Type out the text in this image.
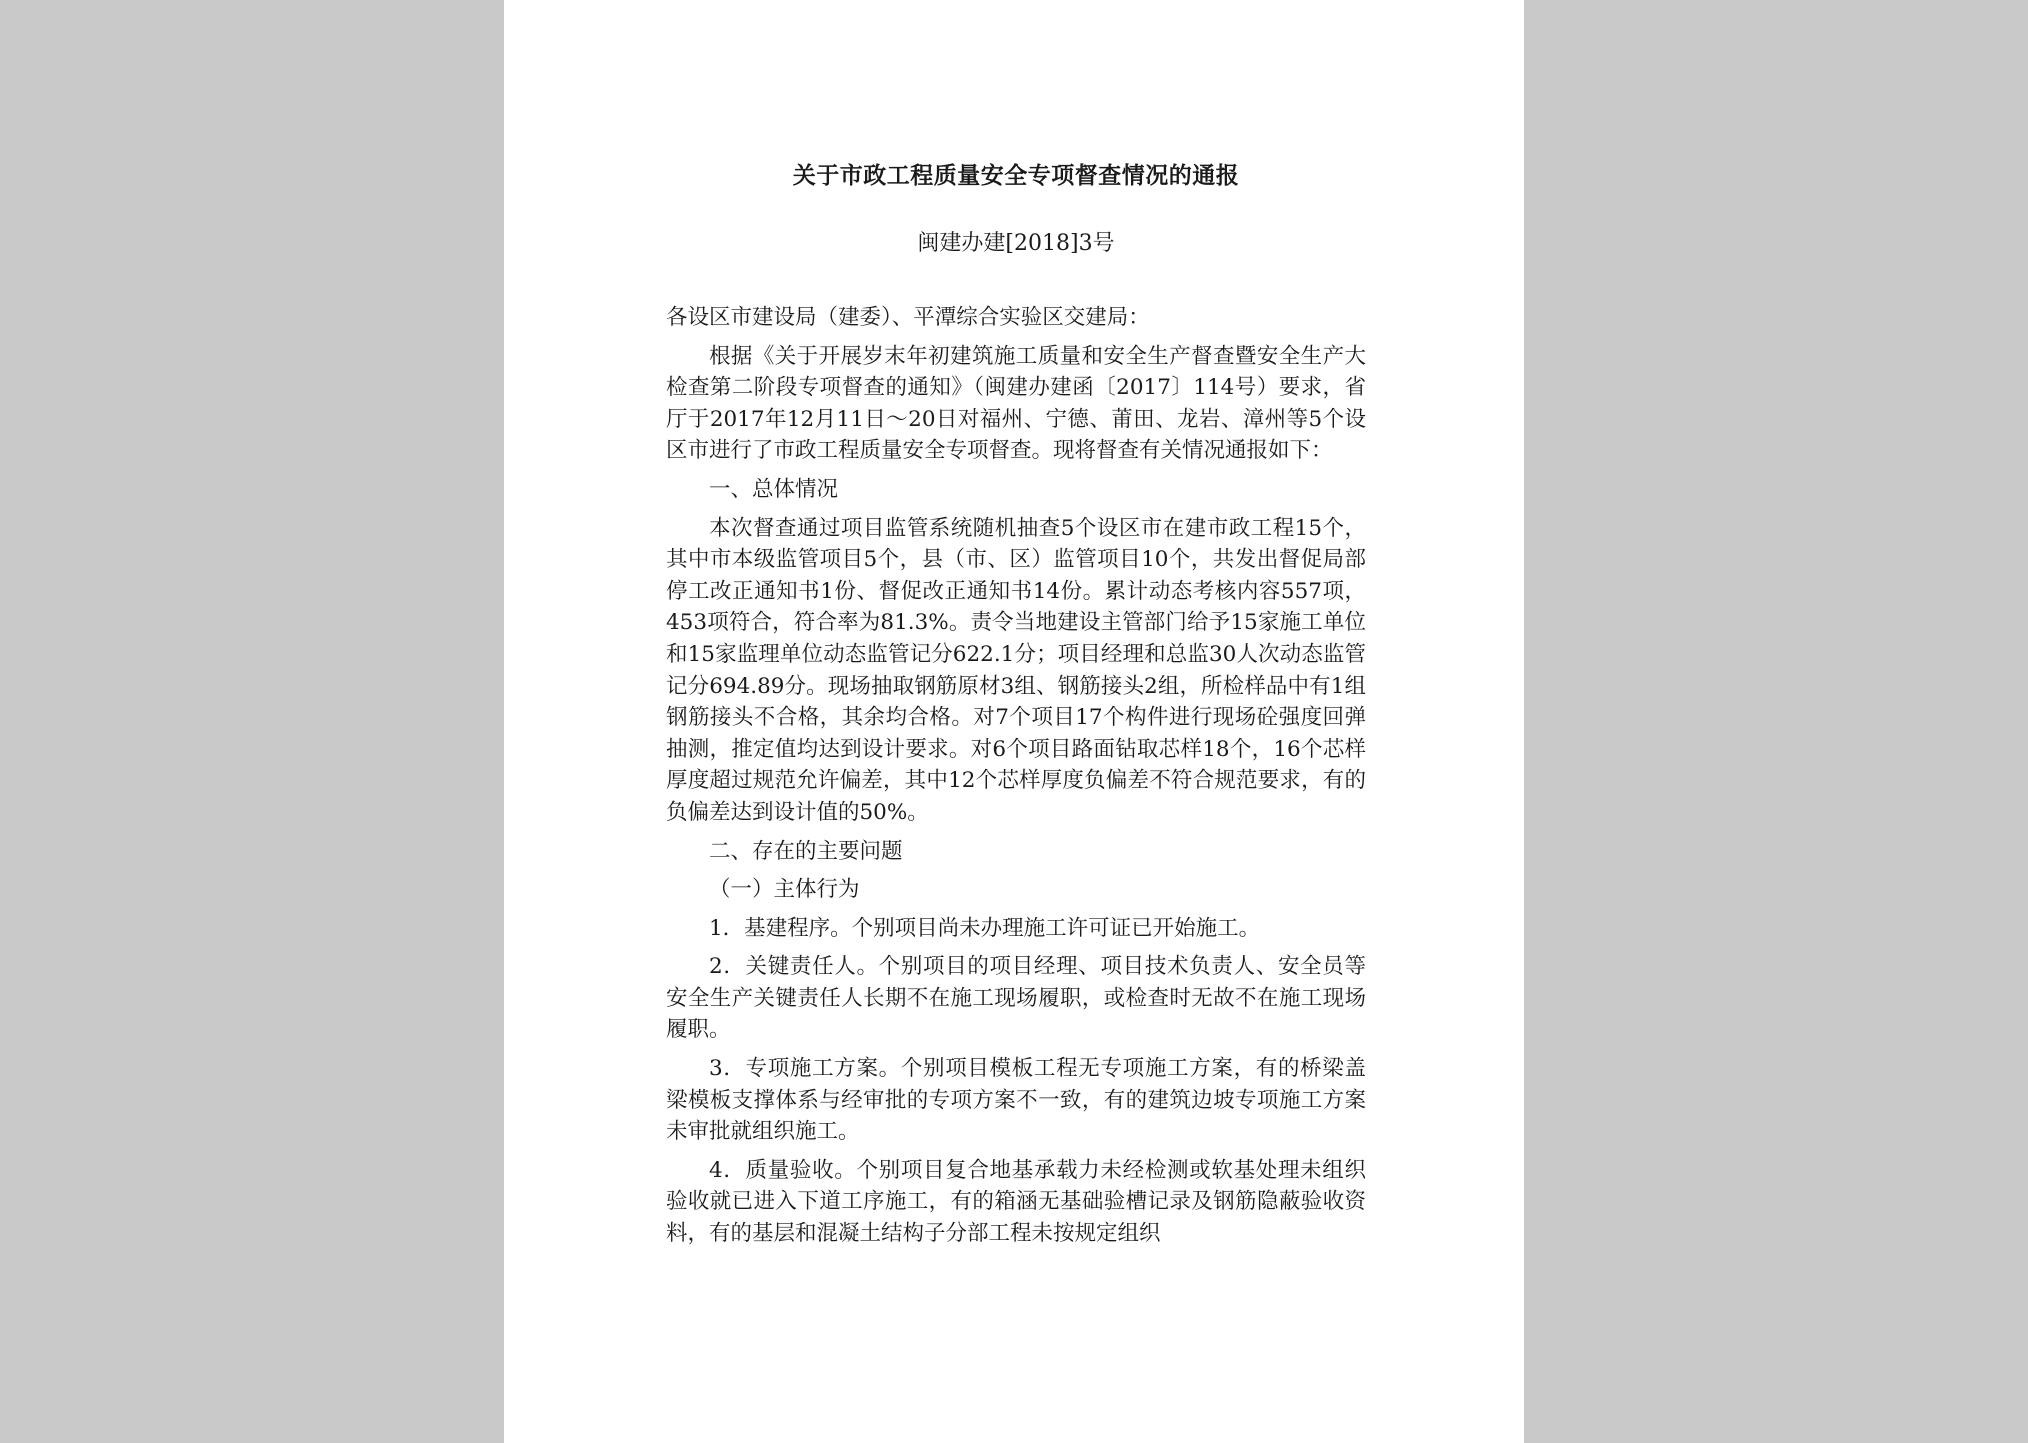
关于市政工程质量安全专项督查情况的通报
闽建办建[2018]3号

各设区市建设局（建委）、平潭综合实验区交建局：

根据《关于开展岁末年初建筑施工质量和安全生产督查暨安全生产大检查第二阶段专项督查的通知》（闽建办建函〔2017〕114号）要求，省厅于2017年12月11日～20日对福州、宁德、莆田、龙岩、漳州等5个设区市进行了市政工程质量安全专项督查。现将督查有关情况通报如下：

一、总体情况

本次督查通过项目监管系统随机抽查5个设区市在建市政工程15个，其中市本级监管项目5个，县（市、区）监管项目10个，共发出督促局部停工改正通知书1份、督促改正通知书14份。累计动态考核内容557项，453项符合，符合率为81.3%。责令当地建设主管部门给予15家施工单位和15家监理单位动态监管记分622.1分；项目经理和总监30人次动态监管记分694.89分。现场抽取钢筋原材3组、钢筋接头2组，所检样品中有1组钢筋接头不合格，其余均合格。对7个项目17个构件进行现场砼强度回弹抽测，推定值均达到设计要求。对6个项目路面钻取芯样18个，16个芯样厚度超过规范允许偏差，其中12个芯样厚度负偏差不符合规范要求，有的负偏差达到设计值的50%。

二、存在的主要问题

（一）主体行为

1．基建程序。个别项目尚未办理施工许可证已开始施工。

2．关键责任人。个别项目的项目经理、项目技术负责人、安全员等安全生产关键责任人长期不在施工现场履职，或检查时无故不在施工现场履职。

3．专项施工方案。个别项目模板工程无专项施工方案，有的桥梁盖梁模板支撑体系与经审批的专项方案不一致，有的建筑边坡专项施工方案未审批就组织施工。

4．质量验收。个别项目复合地基承载力未经检测或软基处理未组织验收就已进入下道工序施工，有的箱涵无基础验槽记录及钢筋隐蔽验收资料，有的基层和混凝土结构子分部工程未按规定组织
